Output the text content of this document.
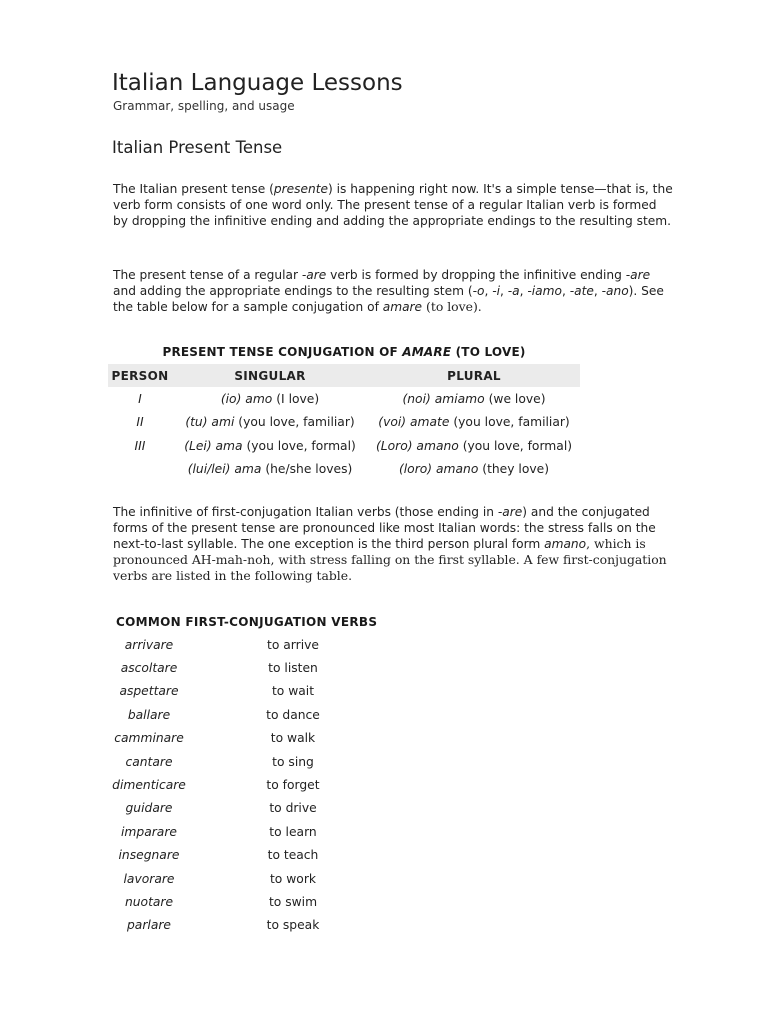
Italian Language Lessons
Grammar, spelling, and usage
Italian Present Tense

The Italian present tense (presente) is happening right now. It's a simple tense—that is, the verb form consists of one word only. The present tense of a regular Italian verb is formed by dropping the infinitive ending and adding the appropriate endings to the resulting stem.

The present tense of a regular -are verb is formed by dropping the infinitive ending -are and adding the appropriate endings to the resulting stem (-o, -i, -a, -iamo, -ate, -ano). See the table below for a sample conjugation of amare (to love).

PRESENT TENSE CONJUGATION OF AMARE (TO LOVE)
PERSON	SINGULAR	PLURAL
I	(io) amo (I love)	(noi) amiamo (we love)
II	(tu) ami (you love, familiar)	(voi) amate (you love, familiar)
III	(Lei) ama (you love, formal)	(Loro) amano (you love, formal)
	(lui/lei) ama (he/she loves)	(loro) amano (they love)

The infinitive of first-conjugation Italian verbs (those ending in -are) and the conjugated forms of the present tense are pronounced like most Italian words: the stress falls on the next-to-last syllable. The one exception is the third person plural form amano, which is pronounced AH-mah-noh, with stress falling on the first syllable. A few first-conjugation verbs are listed in the following table.

COMMON FIRST-CONJUGATION VERBS
arrivare	to arrive
ascoltare	to listen
aspettare	to wait
ballare	to dance
camminare	to walk
cantare	to sing
dimenticare	to forget
guidare	to drive
imparare	to learn
insegnare	to teach
lavorare	to work
nuotare	to swim
parlare	to speak
